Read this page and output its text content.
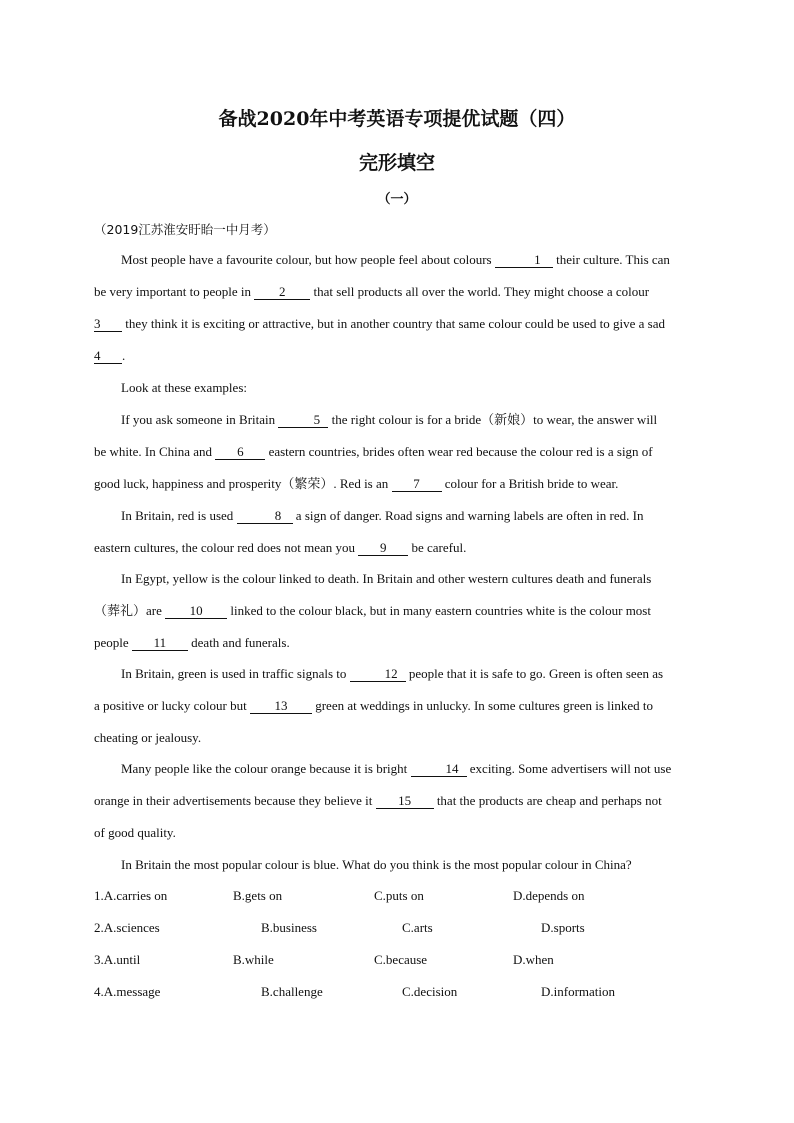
备战2020年中考英语专项提优试题（四）
完形填空
（一）
（2019江苏淮安盱眙一中月考）

Most people have a favourite colour, but how people feel about colours	1 their culture. This can

be very important to people in 2 that sell products all over the world. They might choose a colour

3 they think it is exciting or attractive, but in another country that same colour could be used to give a sad

4 .

Look at these examples:

If you ask someone in Britain	5 the right colour is for a bride（新娘）to wear, the answer will

be white. In China and 6 eastern countries, brides often wear red because the colour red is a sign of

good luck, happiness and prosperity（繁荣）. Red is an 7 colour for a British bride to wear.

In Britain, red is used	8 a sign of danger. Road signs and warning labels are often in red. In

eastern cultures, the colour red does not mean you 9 be careful.

In Egypt, yellow is the colour linked to death. In Britain and other western cultures death and funerals

（葬礼）are 10 linked to the colour black, but in many eastern countries white is the colour most

people 11 death and funerals.

In Britain, green is used in traffic signals to	12 people that it is safe to go. Green is often seen as

a positive or lucky colour but 13 green at weddings in unlucky. In some cultures green is linked to

cheating or jealousy.

Many people like the colour orange because it is bright	14 exciting. Some advertisers will not use

orange in their advertisements because they believe it 15 that the products are cheap and perhaps not

of good quality.

In Britain the most popular colour is blue. What do you think is the most popular colour in China?

1.A.carries on	B.gets on	C.puts on	D.depends on
2.A.sciences	B.business	C.arts	D.sports
3.A.until	B.while	C.because	D.when
4.A.message	B.challenge	C.decision	D.information
